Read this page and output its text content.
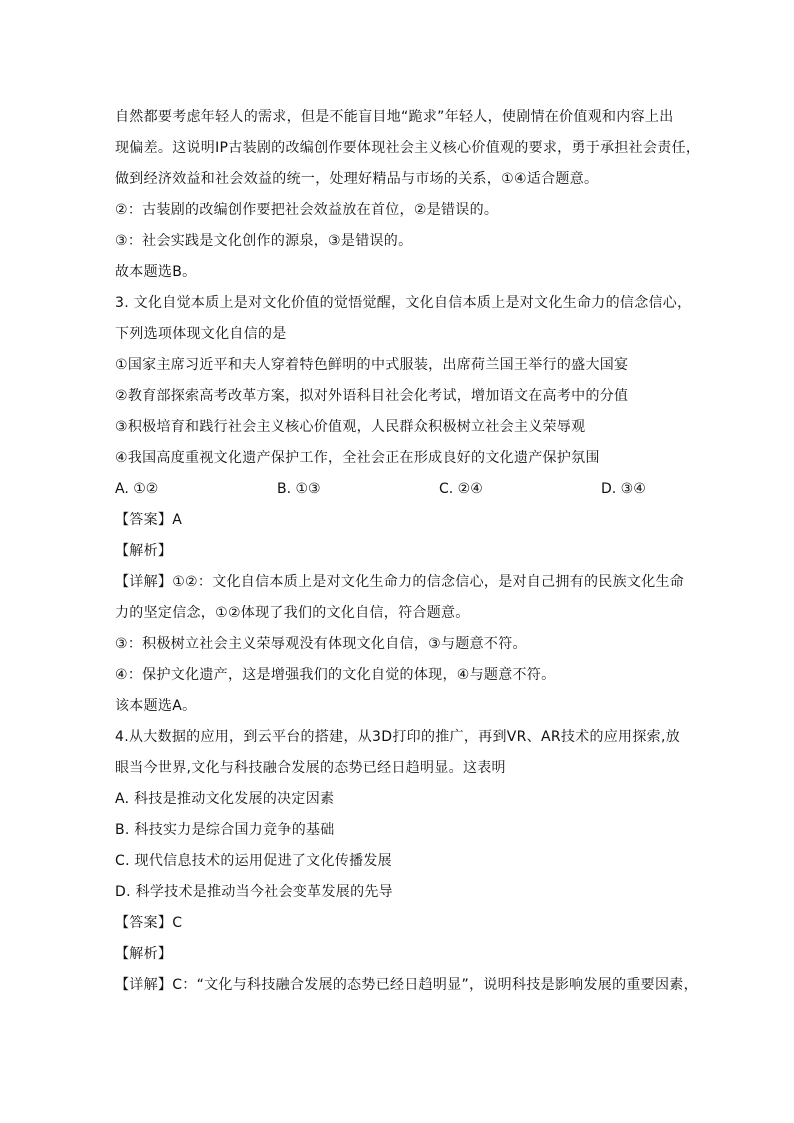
自然都要考虑年轻人的需求，但是不能盲目地“跪求”年轻人，使剧情在价值观和内容上出
现偏差。这说明IP古装剧的改编创作要体现社会主义核心价值观的要求，勇于承担社会责任，
做到经济效益和社会效益的统一，处理好精品与市场的关系，①④适合题意。
②：古装剧的改编创作要把社会效益放在首位，②是错误的。
③：社会实践是文化创作的源泉，③是错误的。
故本题选B。
3. 文化自觉本质上是对文化价值的觉悟觉醒，文化自信本质上是对文化生命力的信念信心，
下列选项体现文化自信的是
①国家主席习近平和夫人穿着特色鲜明的中式服装，出席荷兰国王举行的盛大国宴
②教育部探索高考改革方案，拟对外语科目社会化考试，增加语文在高考中的分值
③积极培育和践行社会主义核心价值观，人民群众积极树立社会主义荣辱观
④我国高度重视文化遗产保护工作，全社会正在形成良好的文化遗产保护氛围
A. ①②	B. ①③	C. ②④	D. ③④
【答案】A
【解析】
【详解】①②：文化自信本质上是对文化生命力的信念信心，是对自己拥有的民族文化生命
力的坚定信念，①②体现了我们的文化自信，符合题意。
③：积极树立社会主义荣辱观没有体现文化自信，③与题意不符。
④：保护文化遗产，这是增强我们的文化自觉的体现，④与题意不符。
该本题选A。
4.从大数据的应用，到云平台的搭建，从3D打印的推广，再到VR、AR技术的应用探索,放
眼当今世界,文化与科技融合发展的态势已经日趋明显。这表明
A. 科技是推动文化发展的决定因素
B. 科技实力是综合国力竞争的基础
C. 现代信息技术的运用促进了文化传播发展
D. 科学技术是推动当今社会变革发展的先导
【答案】C
【解析】
【详解】C：“文化与科技融合发展的态势已经日趋明显”，说明科技是影响发展的重要因素，
